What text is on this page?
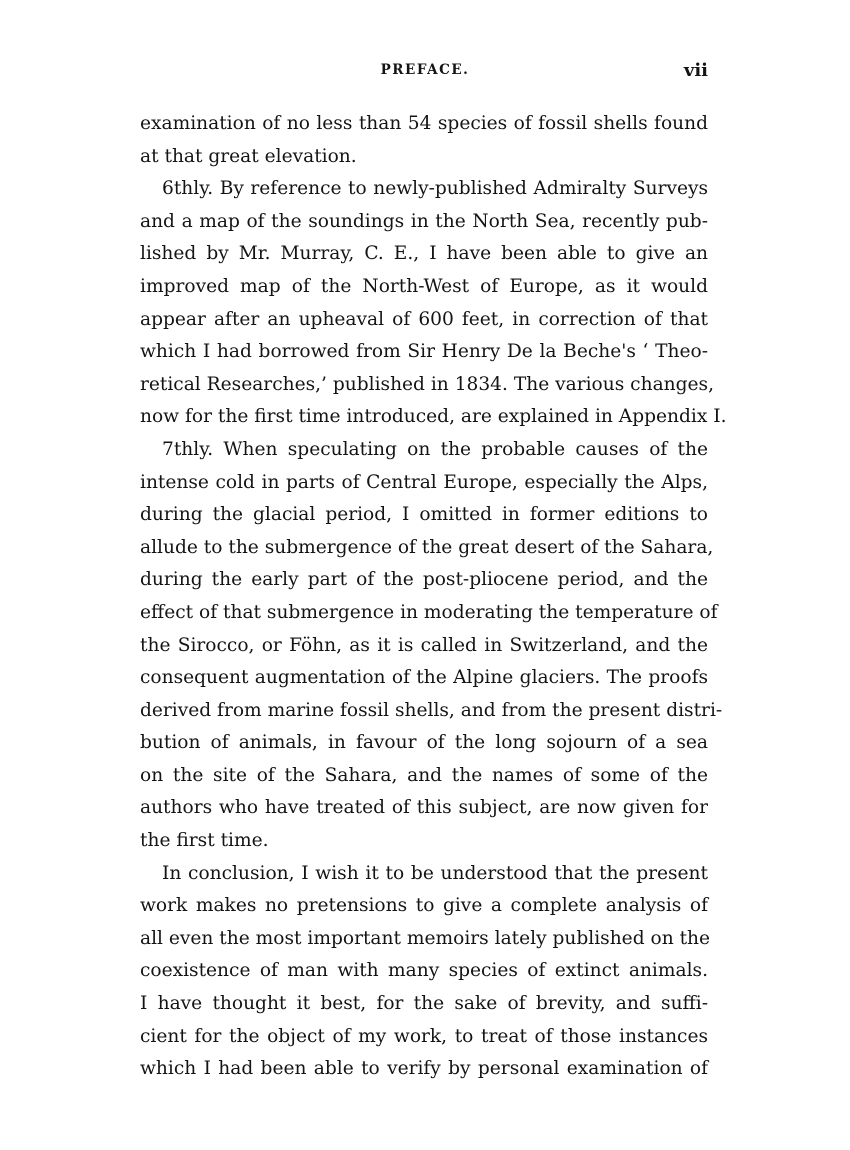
PREFACE.	vii
examination of no less than 54 species of fossil shells found
at that great elevation.
6thly. By reference to newly-published Admiralty Surveys
and a map of the soundings in the North Sea, recently pub-
lished by Mr. Murray, C. E., I have been able to give an
improved map of the North-West of Europe, as it would
appear after an upheaval of 600 feet, in correction of that
which I had borrowed from Sir Henry De la Beche's ‘ Theo-
retical Researches,’ published in 1834. The various changes,
now for the first time introduced, are explained in Appendix I.
7thly. When speculating on the probable causes of the
intense cold in parts of Central Europe, especially the Alps,
during the glacial period, I omitted in former editions to
allude to the submergence of the great desert of the Sahara,
during the early part of the post-pliocene period, and the
effect of that submergence in moderating the temperature of
the Sirocco, or Föhn, as it is called in Switzerland, and the
consequent augmentation of the Alpine glaciers. The proofs
derived from marine fossil shells, and from the present distri-
bution of animals, in favour of the long sojourn of a sea
on the site of the Sahara, and the names of some of the
authors who have treated of this subject, are now given for
the first time.
In conclusion, I wish it to be understood that the present
work makes no pretensions to give a complete analysis of
all even the most important memoirs lately published on the
coexistence of man with many species of extinct animals.
I have thought it best, for the sake of brevity, and suffi-
cient for the object of my work, to treat of those instances
which I had been able to verify by personal examination of
